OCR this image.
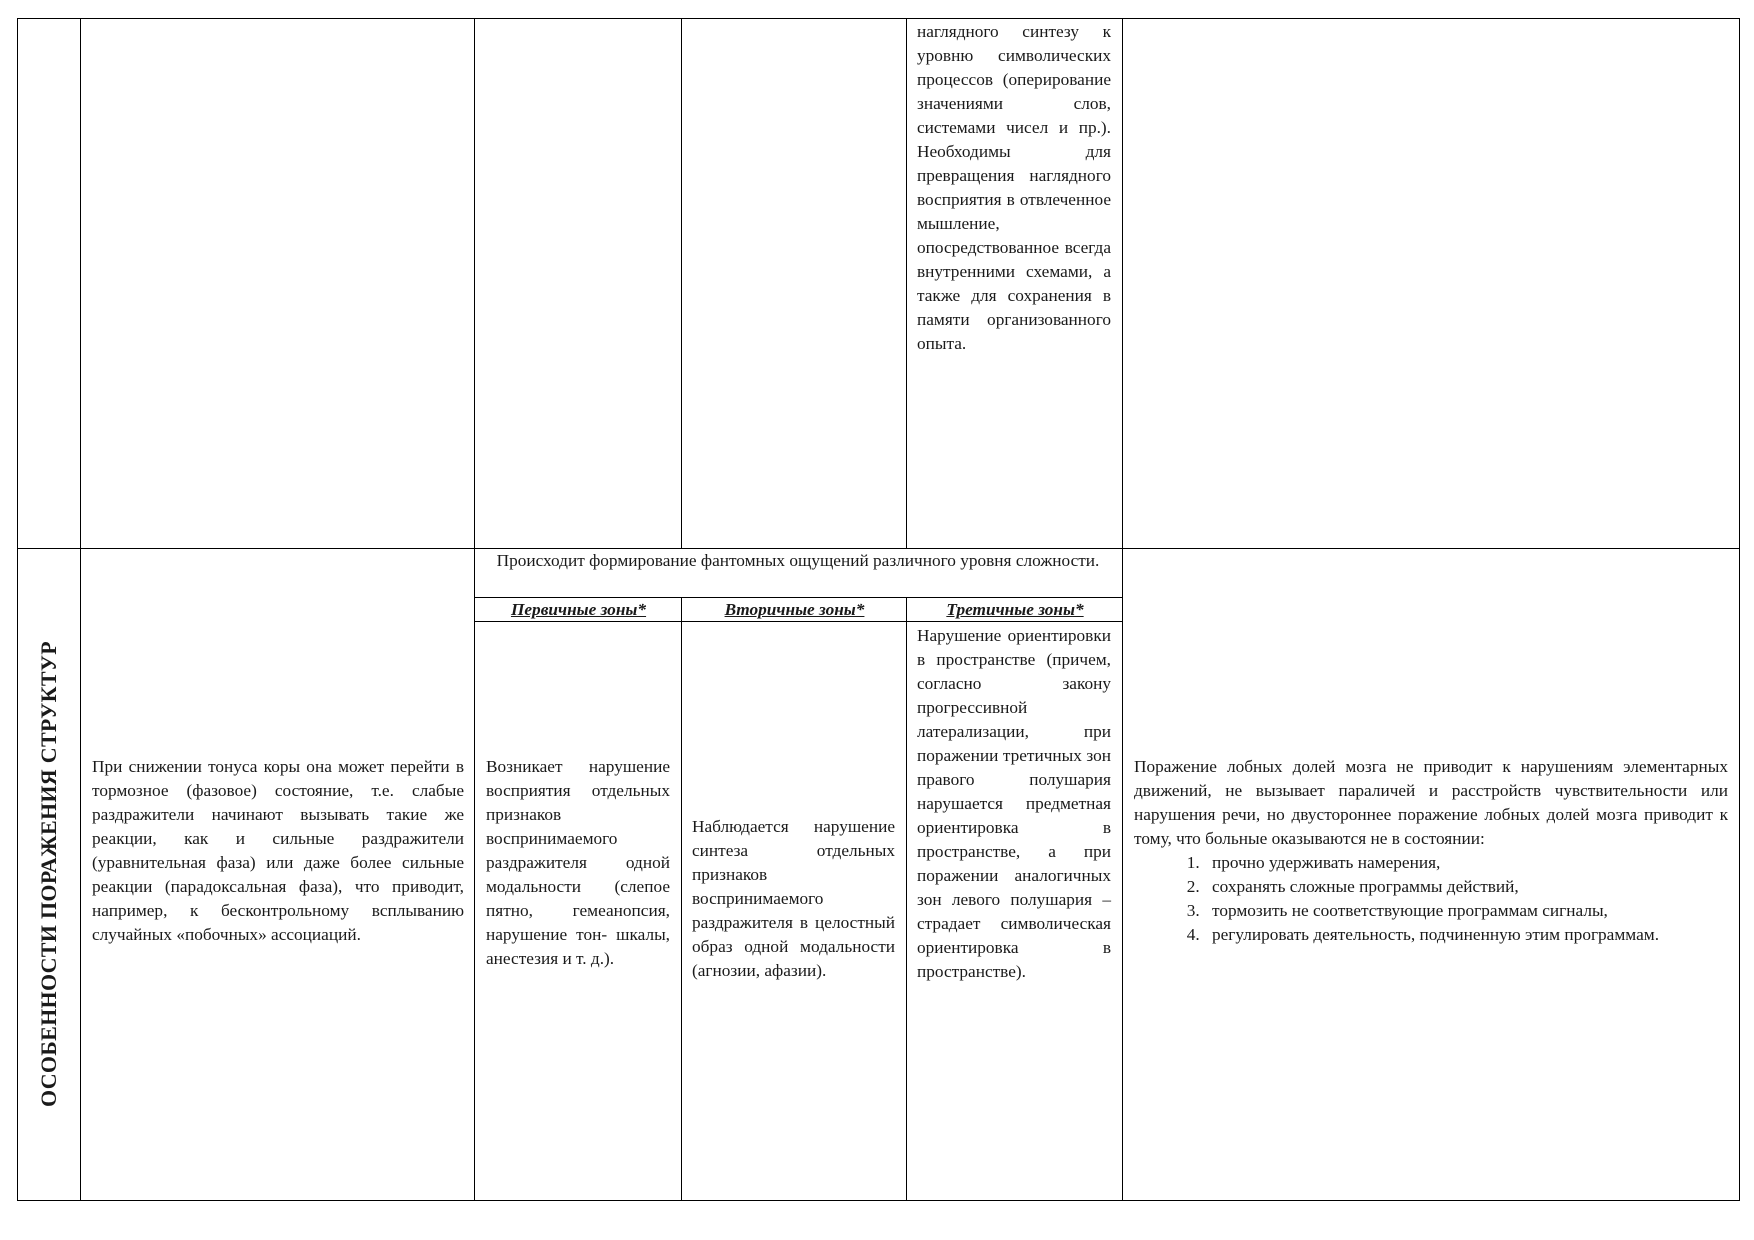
наглядного синтезу к уровню символических процессов (оперирование значениями слов, системами чисел и пр.). Необходимы для превращения наглядного восприятия в отвлеченное мышление, опосредствованное всегда внутренними схемами, а также для сохранения в памяти организованного опыта.
ОСОБЕННОСТИ ПОРАЖЕНИЯ СТРУКТУР При снижении тонуса коры она может перейти в тормозное (фазовое) состояние, т.е. слабые раздражители начинают вызывать такие же реакции, как и сильные раздражители (уравнительная фаза) или даже более сильные реакции (парадоксальная фаза), что приводит, например, к бесконтрольному всплыванию случайных «побочных» ассоциаций.
Происходит формирование фантомных ощущений различного уровня сложности.
Первичные зоны*	Вторичные зоны*	Третичные зоны*
Возникает нарушение восприятия отдельных признаков воспринимаемого раздражителя одной модальности (слепое пятно, гемеанопсия, нарушение тон- шкалы, анестезия и т. д.).
Наблюдается нарушение синтеза отдельных признаков воспринимаемого раздражителя в целостный образ одной модальности (агнозии, афазии).
Нарушение ориентировки в пространстве (причем, согласно закону прогрессивной латерализации, при поражении третичных зон правого полушария нарушается предметная ориентировка в пространстве, а при поражении аналогичных зон левого полушария – страдает символическая ориентировка в пространстве).
Поражение лобных долей мозга не приводит к нарушениям элементарных движений, не вызывает параличей и расстройств чувствительности или нарушения речи, но двустороннее поражение лобных долей мозга приводит к тому, что больные оказываются не в состоянии:
1. прочно удерживать намерения,
2. сохранять сложные программы действий,
3. тормозить не соответствующие программам сигналы,
4. регулировать деятельность, подчиненную этим программам.
